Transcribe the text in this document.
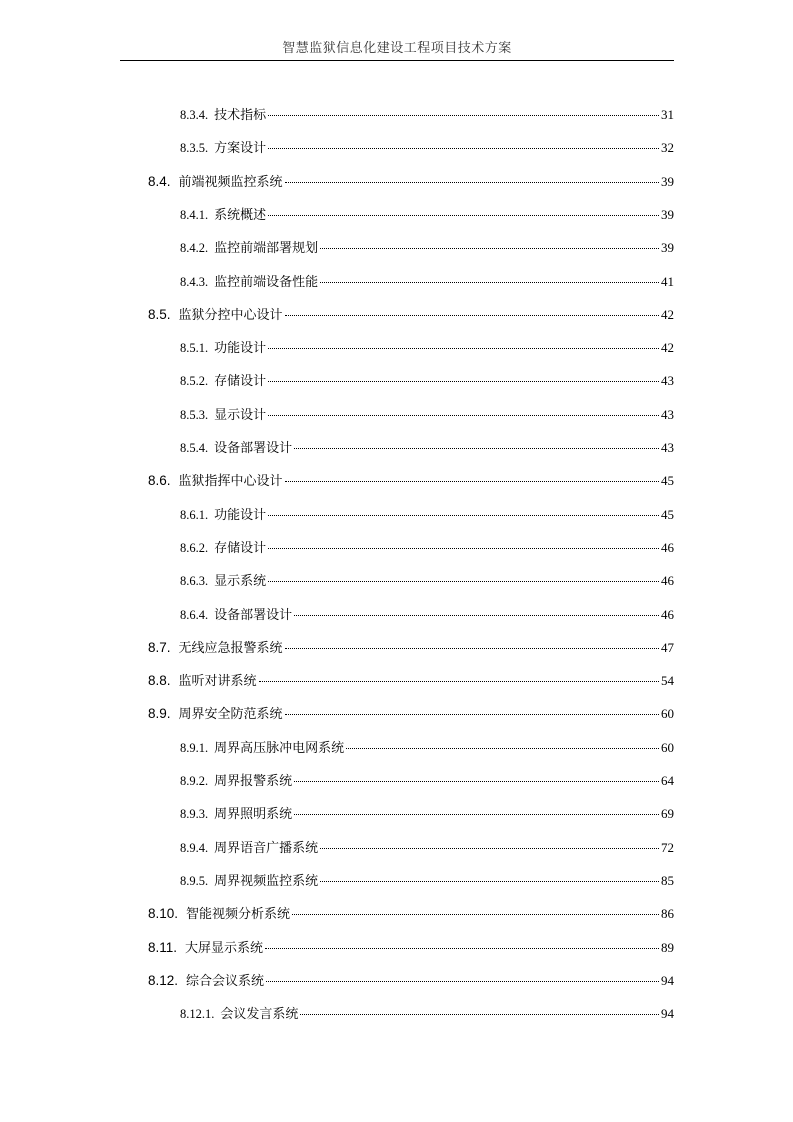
智慧监狱信息化建设工程项目技术方案
8.3.4. 技术指标	31
8.3.5. 方案设计	32
8.4. 前端视频监控系统	39
8.4.1. 系统概述	39
8.4.2. 监控前端部署规划	39
8.4.3. 监控前端设备性能	41
8.5. 监狱分控中心设计	42
8.5.1. 功能设计	42
8.5.2. 存储设计	43
8.5.3. 显示设计	43
8.5.4. 设备部署设计	43
8.6. 监狱指挥中心设计	45
8.6.1. 功能设计	45
8.6.2. 存储设计	46
8.6.3. 显示系统	46
8.6.4. 设备部署设计	46
8.7. 无线应急报警系统	47
8.8. 监听对讲系统	54
8.9. 周界安全防范系统	60
8.9.1. 周界高压脉冲电网系统	60
8.9.2. 周界报警系统	64
8.9.3. 周界照明系统	69
8.9.4. 周界语音广播系统	72
8.9.5. 周界视频监控系统	85
8.10. 智能视频分析系统	86
8.11. 大屏显示系统	89
8.12. 综合会议系统	94
8.12.1. 会议发言系统	94
